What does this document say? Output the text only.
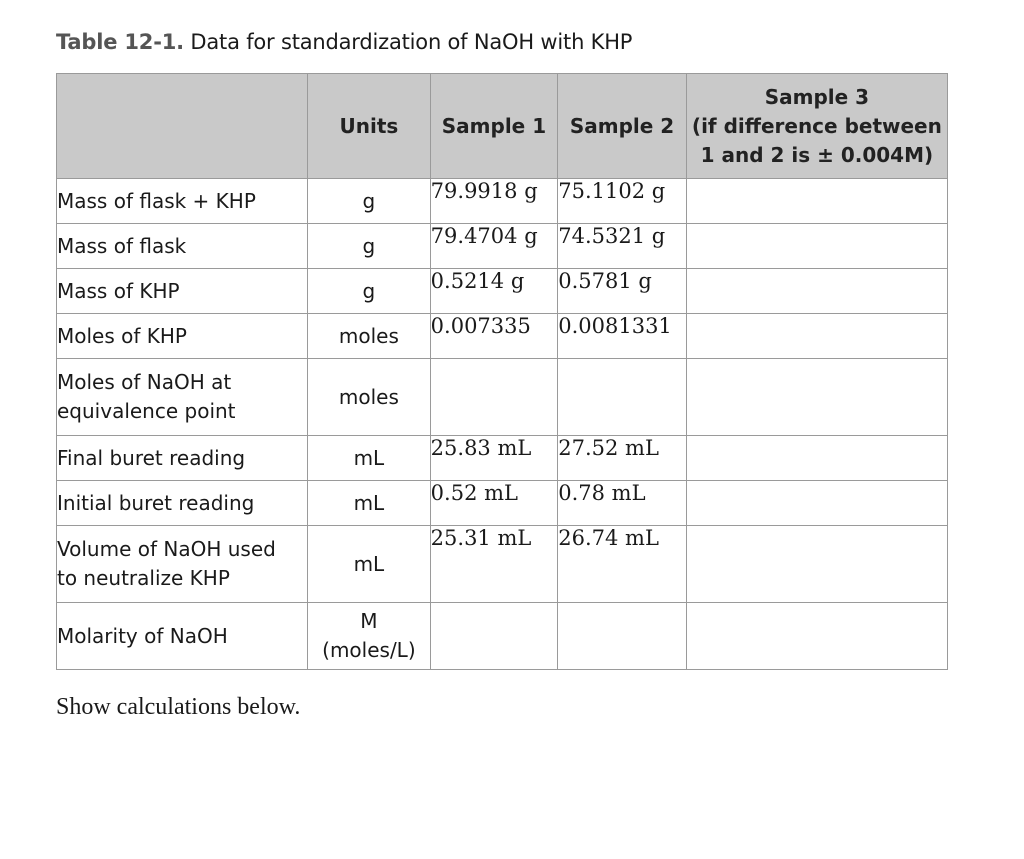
Table 12-1. Data for standardization of NaOH with KHP
	Units	Sample 1	Sample 2	Sample 3
(if difference between
1 and 2 is ± 0.004M)

Mass of flask + KHP	g	79.9918 g	75.1102 g	
Mass of flask	g	79.4704 g	74.5321 g	
Mass of KHP	g	0.5214 g	0.5781 g	
Moles of KHP	moles	0.007335	0.0081331	

Moles of NaOH at
equivalence point	moles			
Final buret reading	mL	25.83 mL	27.52 mL	
Initial buret reading	mL	0.52 mL	0.78 mL	

Volume of NaOH used
to neutralize KHP	mL	25.31 mL	26.74 mL	
Molarity of NaOH	M
(moles/L)			

Show calculations below.
